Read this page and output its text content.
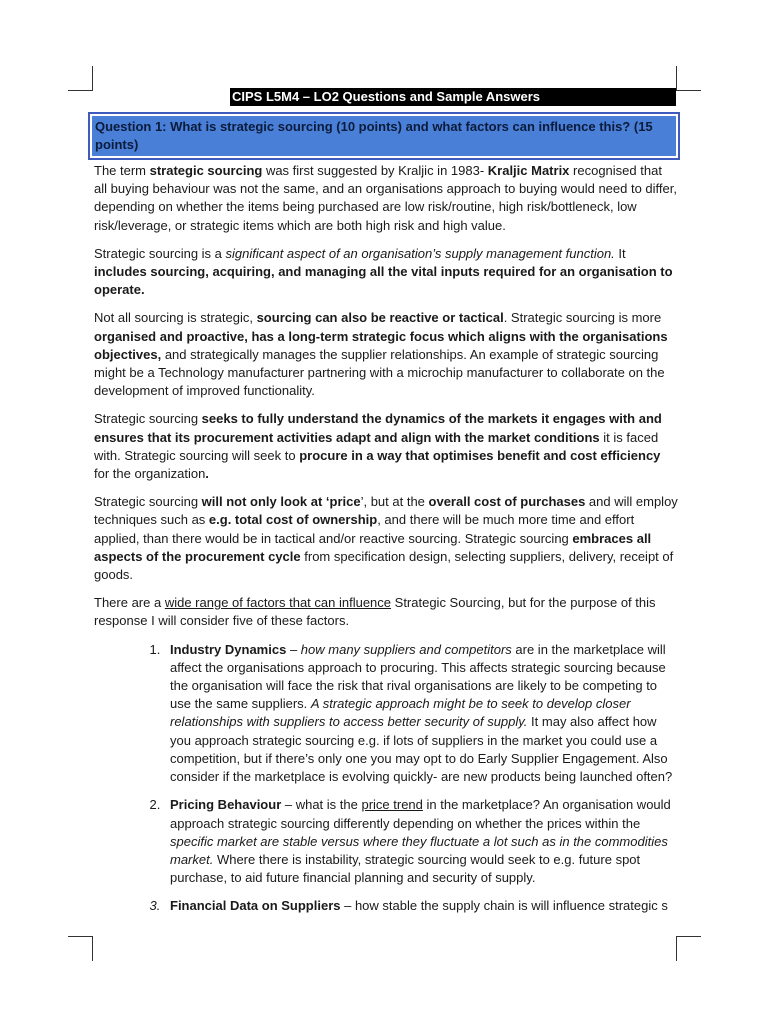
CIPS L5M4 – LO2 Questions and Sample Answers
Question 1: What is strategic sourcing (10 points) and what factors can influence this? (15 points)

The term strategic sourcing was first suggested by Kraljic in 1983- Kraljic Matrix recognised that all buying behaviour was not the same, and an organisations approach to buying would need to differ, depending on whether the items being purchased are low risk/routine, high risk/bottleneck, low risk/leverage, or strategic items which are both high risk and high value.

Strategic sourcing is a significant aspect of an organisation’s supply management function. It includes sourcing, acquiring, and managing all the vital inputs required for an organisation to operate.

Not all sourcing is strategic, sourcing can also be reactive or tactical. Strategic sourcing is more organised and proactive, has a long-term strategic focus which aligns with the organisations objectives, and strategically manages the supplier relationships. An example of strategic sourcing might be a Technology manufacturer partnering with a microchip manufacturer to collaborate on the development of improved functionality.

Strategic sourcing seeks to fully understand the dynamics of the markets it engages with and ensures that its procurement activities adapt and align with the market conditions it is faced with. Strategic sourcing will seek to procure in a way that optimises benefit and cost efficiency for the organization.

Strategic sourcing will not only look at ‘price’, but at the overall cost of purchases and will employ techniques such as e.g. total cost of ownership, and there will be much more time and effort applied, than there would be in tactical and/or reactive sourcing. Strategic sourcing embraces all aspects of the procurement cycle from specification design, selecting suppliers, delivery, receipt of goods.

There are a wide range of factors that can influence Strategic Sourcing, but for the purpose of this response I will consider five of these factors.

1. Industry Dynamics – how many suppliers and competitors are in the marketplace will affect the organisations approach to procuring. This affects strategic sourcing because the organisation will face the risk that rival organisations are likely to be competing to use the same suppliers. A strategic approach might be to seek to develop closer relationships with suppliers to access better security of supply. It may also affect how you approach strategic sourcing e.g. if lots of suppliers in the market you could use a competition, but if there’s only one you may opt to do Early Supplier Engagement. Also consider if the marketplace is evolving quickly- are new products being launched often?
2. Pricing Behaviour – what is the price trend in the marketplace? An organisation would approach strategic sourcing differently depending on whether the prices within the specific market are stable versus where they fluctuate a lot such as in the commodities market. Where there is instability, strategic sourcing would seek to e.g. future spot purchase, to aid future financial planning and security of supply.
3. Financial Data on Suppliers – how stable the supply chain is will influence strategic s
